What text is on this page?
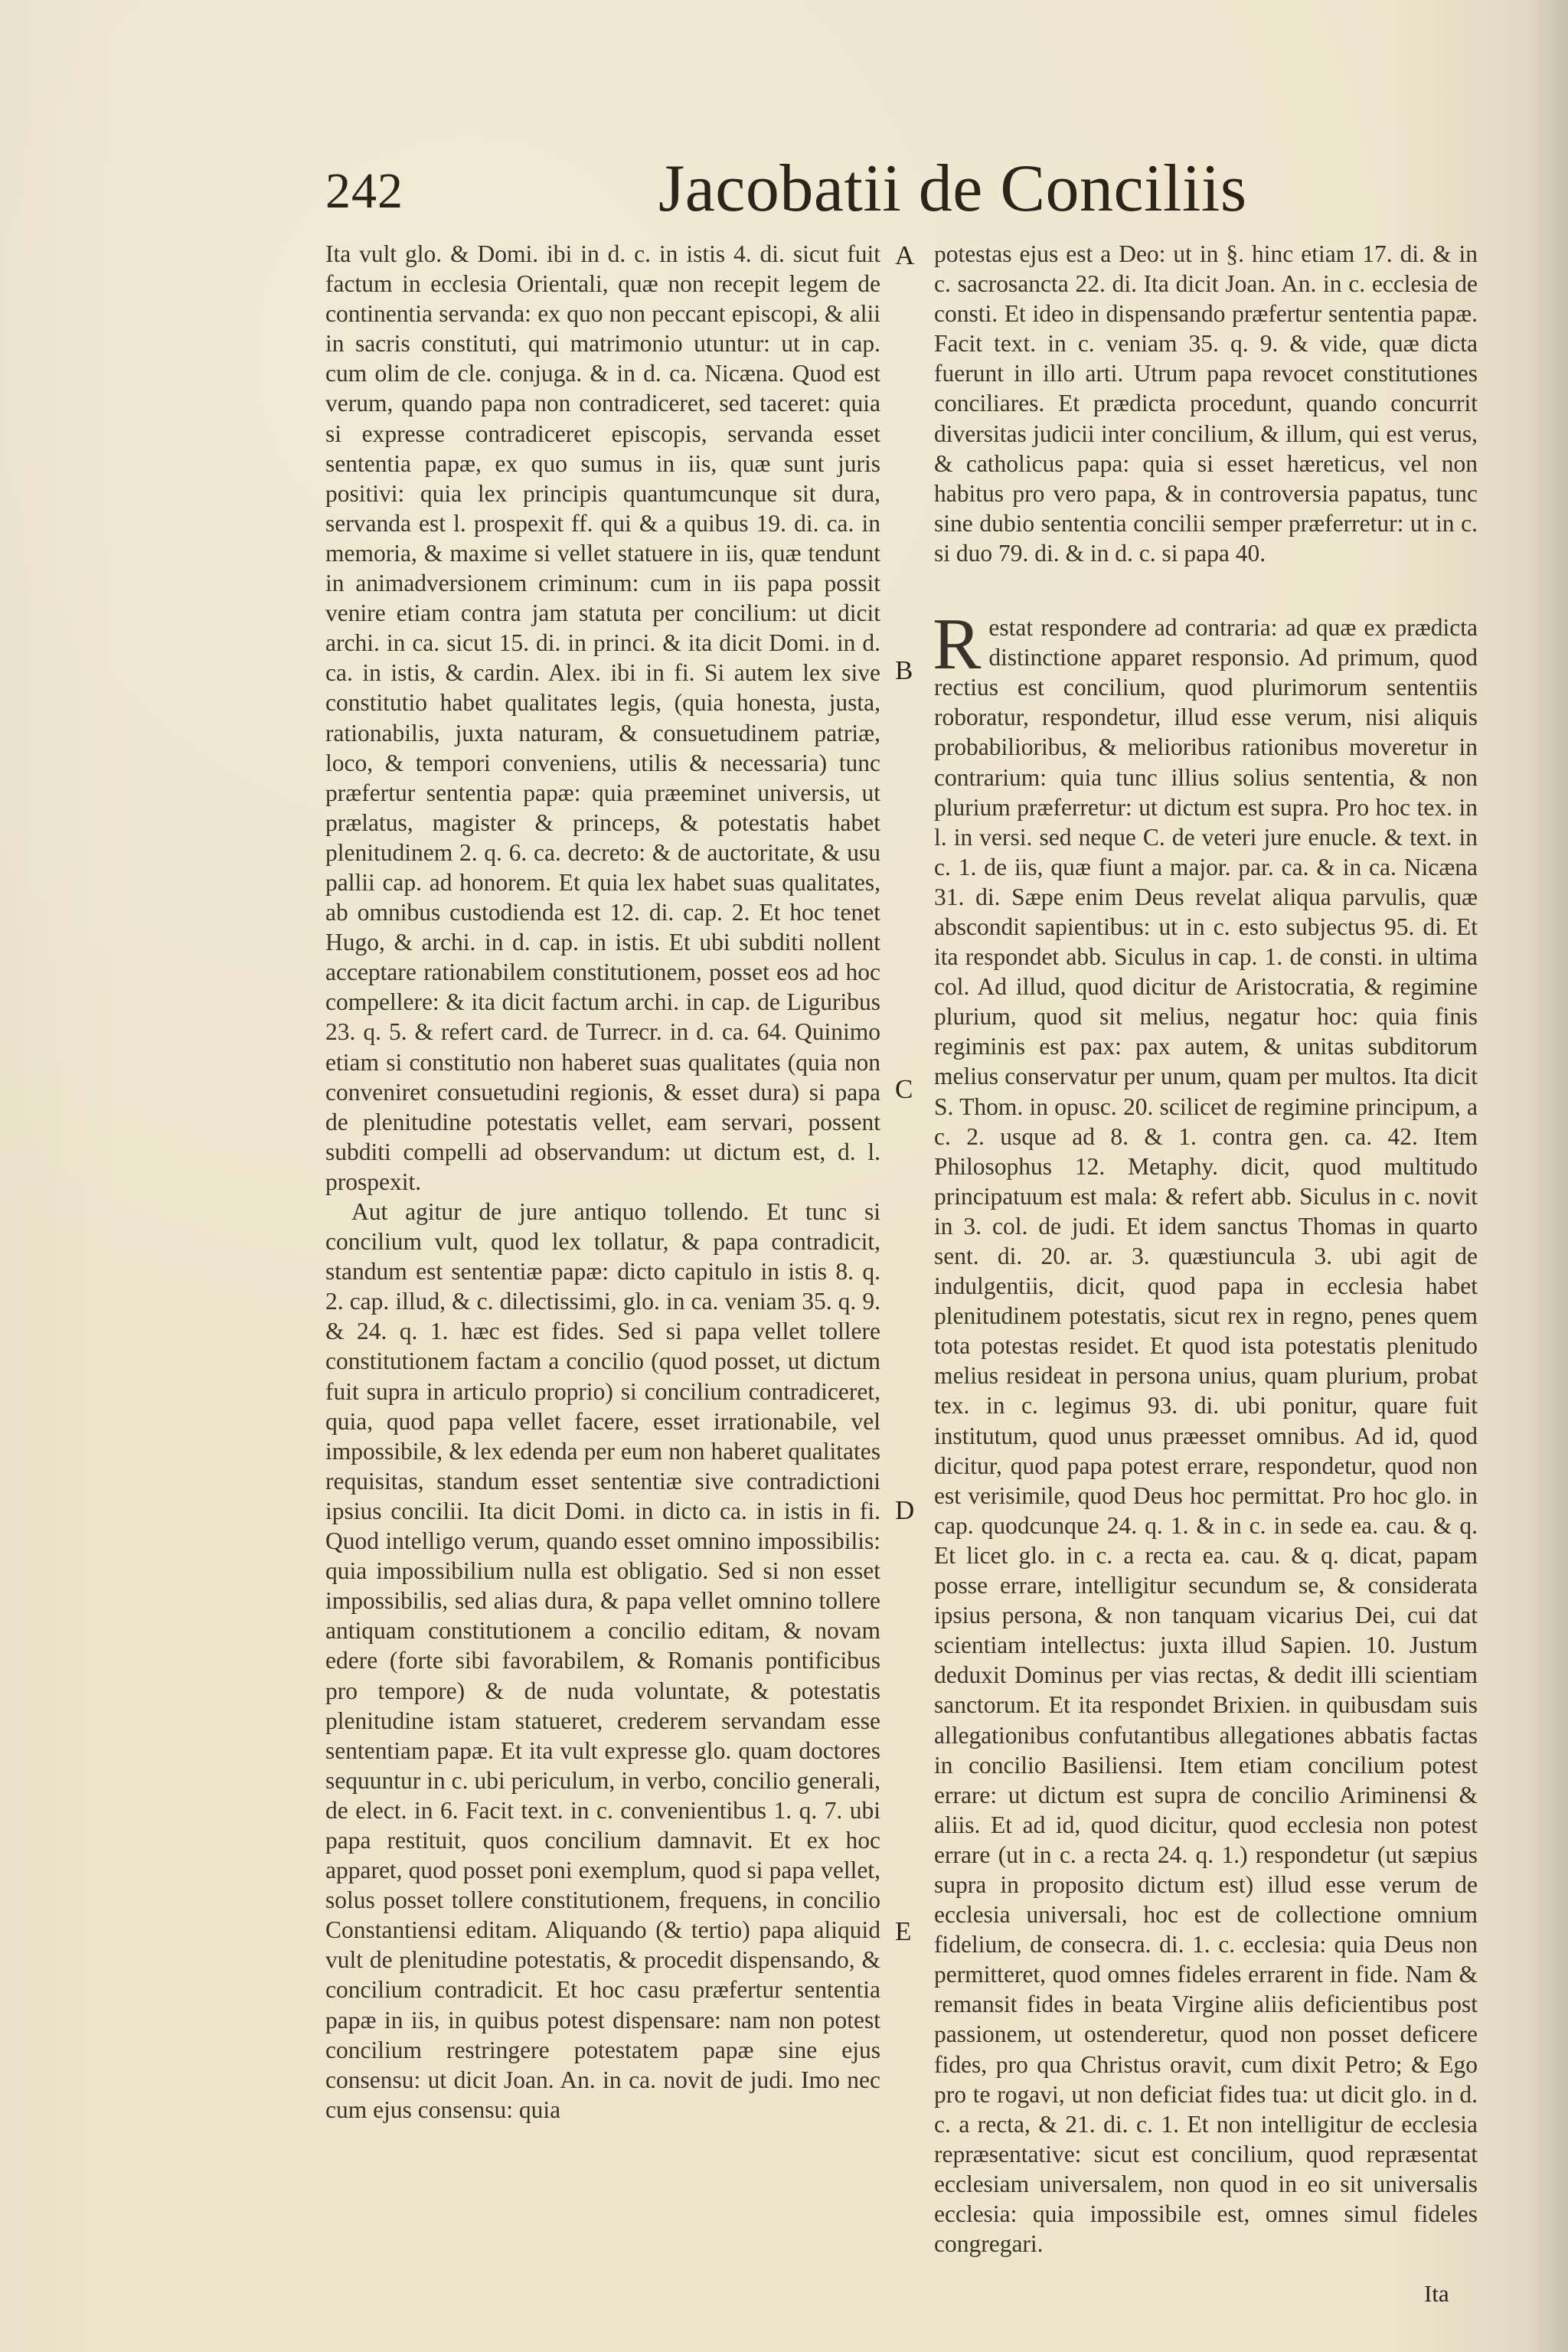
242	Jacobatii de Conciliis

Ita vult glo. & Domi. ibi in d. c. in istis 4. di. sicut fuit factum in ecclesia Orientali, quæ non recepit legem de continentia servanda: ex quo non peccant episcopi, & alii in sacris constituti, qui matrimonio utuntur: ut in cap. cum olim de cle. conjuga. & in d. ca. Nicæna. Quod est verum, quando papa non contradiceret, sed taceret: quia si expresse contradiceret episcopis, servanda esset sententia papæ, ex quo sumus in iis, quæ sunt juris positivi: quia lex principis quantumcunque sit dura, servanda est l. prospexit ff. qui & a quibus 19. di. ca. in memoria, & maxime si vellet statuere in iis, quæ tendunt in animadversionem criminum: cum in iis papa possit venire etiam contra jam statuta per concilium: ut dicit archi. in ca. sicut 15. di. in princi. & ita dicit Domi. in d. ca. in istis, & cardin. Alex. ibi in fi. Si autem lex sive constitutio habet qualitates legis, (quia honesta, justa, rationabilis, juxta naturam, & consuetudinem patriæ, loco, & tempori conveniens, utilis & necessaria) tunc præfertur sententia papæ: quia præeminet universis, ut prælatus, magister & princeps, & potestatis habet plenitudinem 2. q. 6. ca. decreto: & de auctoritate, & usu pallii cap. ad honorem. Et quia lex habet suas qualitates, ab omnibus custodienda est 12. di. cap. 2. Et hoc tenet Hugo, & archi. in d. cap. in istis. Et ubi subditi nollent acceptare rationabilem constitutionem, posset eos ad hoc compellere: & ita dicit factum archi. in cap. de Liguribus 23. q. 5. & refert card. de Turrecr. in d. ca. 64. Quinimo etiam si constitutio non haberet suas qualitates (quia non conveniret consuetudini regionis, & esset dura) si papa de plenitudine potestatis vellet, eam servari, possent subditi compelli ad observandum: ut dictum est, d. l. prospexit.

Aut agitur de jure antiquo tollendo. Et tunc si concilium vult, quod lex tollatur, & papa contradicit, standum est sententiæ papæ: dicto capitulo in istis 8. q. 2. cap. illud, & c. dilectissimi, glo. in ca. veniam 35. q. 9. & 24. q. 1. hæc est fides. Sed si papa vellet tollere constitutionem factam a concilio (quod posset, ut dictum fuit supra in articulo proprio) si concilium contradiceret, quia, quod papa vellet facere, esset irrationabile, vel impossibile, & lex edenda per eum non haberet qualitates requisitas, standum esset sententiæ sive contradictioni ipsius concilii. Ita dicit Domi. in dicto ca. in istis in fi. Quod intelligo verum, quando esset omnino impossibilis: quia impossibilium nulla est obligatio. Sed si non esset impossibilis, sed alias dura, & papa vellet omnino tollere antiquam constitutionem a concilio editam, & novam edere (forte sibi favorabilem, & Romanis pontificibus pro tempore) & de nuda voluntate, & potestatis plenitudine istam statueret, crederem servandam esse sententiam papæ. Et ita vult expresse glo. quam doctores sequuntur in c. ubi periculum, in verbo, concilio generali, de elect. in 6. Facit text. in c. convenientibus 1. q. 7. ubi papa restituit, quos concilium damnavit. Et ex hoc apparet, quod posset poni exemplum, quod si papa vellet, solus posset tollere constitutionem, frequens, in concilio Constantiensi editam. Aliquando (& tertio) papa aliquid vult de plenitudine potestatis, & procedit dispensando, & concilium contradicit. Et hoc casu præfertur sententia papæ in iis, in quibus potest dispensare: nam non potest concilium restringere potestatem papæ sine ejus consensu: ut dicit Joan. An. in ca. novit de judi. Imo nec cum ejus consensu: quia

potestas ejus est a Deo: ut in §. hinc etiam 17. di. & in c. sacrosancta 22. di. Ita dicit Joan. An. in c. ecclesia de consti. Et ideo in dispensando præfertur sententia papæ. Facit text. in c. veniam 35. q. 9. & vide, quæ dicta fuerunt in illo arti. Utrum papa revocet constitutiones conciliares. Et prædicta procedunt, quando concurrit diversitas judicii inter concilium, & illum, qui est verus, & catholicus papa: quia si esset hæreticus, vel non habitus pro vero papa, & in controversia papatus, tunc sine dubio sententia concilii semper præferretur: ut in c. si duo 79. di. & in d. c. si papa 40.

Restat respondere ad contraria: ad quæ ex prædicta distinctione apparet responsio. Ad primum, quod rectius est concilium, quod plurimorum sententiis roboratur, respondetur, illud esse verum, nisi aliquis probabilioribus, & melioribus rationibus moveretur in contrarium: quia tunc illius solius sententia, & non plurium præferretur: ut dictum est supra. Pro hoc tex. in l. in versi. sed neque C. de veteri jure enucle. & text. in c. 1. de iis, quæ fiunt a major. par. ca. & in ca. Nicæna 31. di. Sæpe enim Deus revelat aliqua parvulis, quæ abscondit sapientibus: ut in c. esto subjectus 95. di. Et ita respondet abb. Siculus in cap. 1. de consti. in ultima col. Ad illud, quod dicitur de Aristocratia, & regimine plurium, quod sit melius, negatur hoc: quia finis regiminis est pax: pax autem, & unitas subditorum melius conservatur per unum, quam per multos. Ita dicit S. Thom. in opusc. 20. scilicet de regimine principum, a c. 2. usque ad 8. & 1. contra gen. ca. 42. Item Philosophus 12. Metaphy. dicit, quod multitudo principatuum est mala: & refert abb. Siculus in c. novit in 3. col. de judi. Et idem sanctus Thomas in quarto sent. di. 20. ar. 3. quæstiuncula 3. ubi agit de indulgentiis, dicit, quod papa in ecclesia habet plenitudinem potestatis, sicut rex in regno, penes quem tota potestas residet. Et quod ista potestatis plenitudo melius resideat in persona unius, quam plurium, probat tex. in c. legimus 93. di. ubi ponitur, quare fuit institutum, quod unus præesset omnibus. Ad id, quod dicitur, quod papa potest errare, respondetur, quod non est verisimile, quod Deus hoc permittat. Pro hoc glo. in cap. quodcunque 24. q. 1. & in c. in sede ea. cau. & q. Et licet glo. in c. a recta ea. cau. & q. dicat, papam posse errare, intelligitur secundum se, & considerata ipsius persona, & non tanquam vicarius Dei, cui dat scientiam intellectus: juxta illud Sapien. 10. Justum deduxit Dominus per vias rectas, & dedit illi scientiam sanctorum. Et ita respondet Brixien. in quibusdam suis allegationibus confutantibus allegationes abbatis factas in concilio Basiliensi. Item etiam concilium potest errare: ut dictum est supra de concilio Ariminensi & aliis. Et ad id, quod dicitur, quod ecclesia non potest errare (ut in c. a recta 24. q. 1.) respondetur (ut sæpius supra in proposito dictum est) illud esse verum de ecclesia universali, hoc est de collectione omnium fidelium, de consecra. di. 1. c. ecclesia: quia Deus non permitteret, quod omnes fideles errarent in fide. Nam & remansit fides in beata Virgine aliis deficientibus post passionem, ut ostenderetur, quod non posset deficere fides, pro qua Christus oravit, cum dixit Petro; & Ego pro te rogavi, ut non deficiat fides tua: ut dicit glo. in d. c. a recta, & 21. di. c. 1. Et non intelligitur de ecclesia repræsentative: sicut est concilium, quod repræsentat ecclesiam universalem, non quod in eo sit universalis ecclesia: quia impossibile est, omnes simul fideles congregari.

A
B
C
D
E
Ita
